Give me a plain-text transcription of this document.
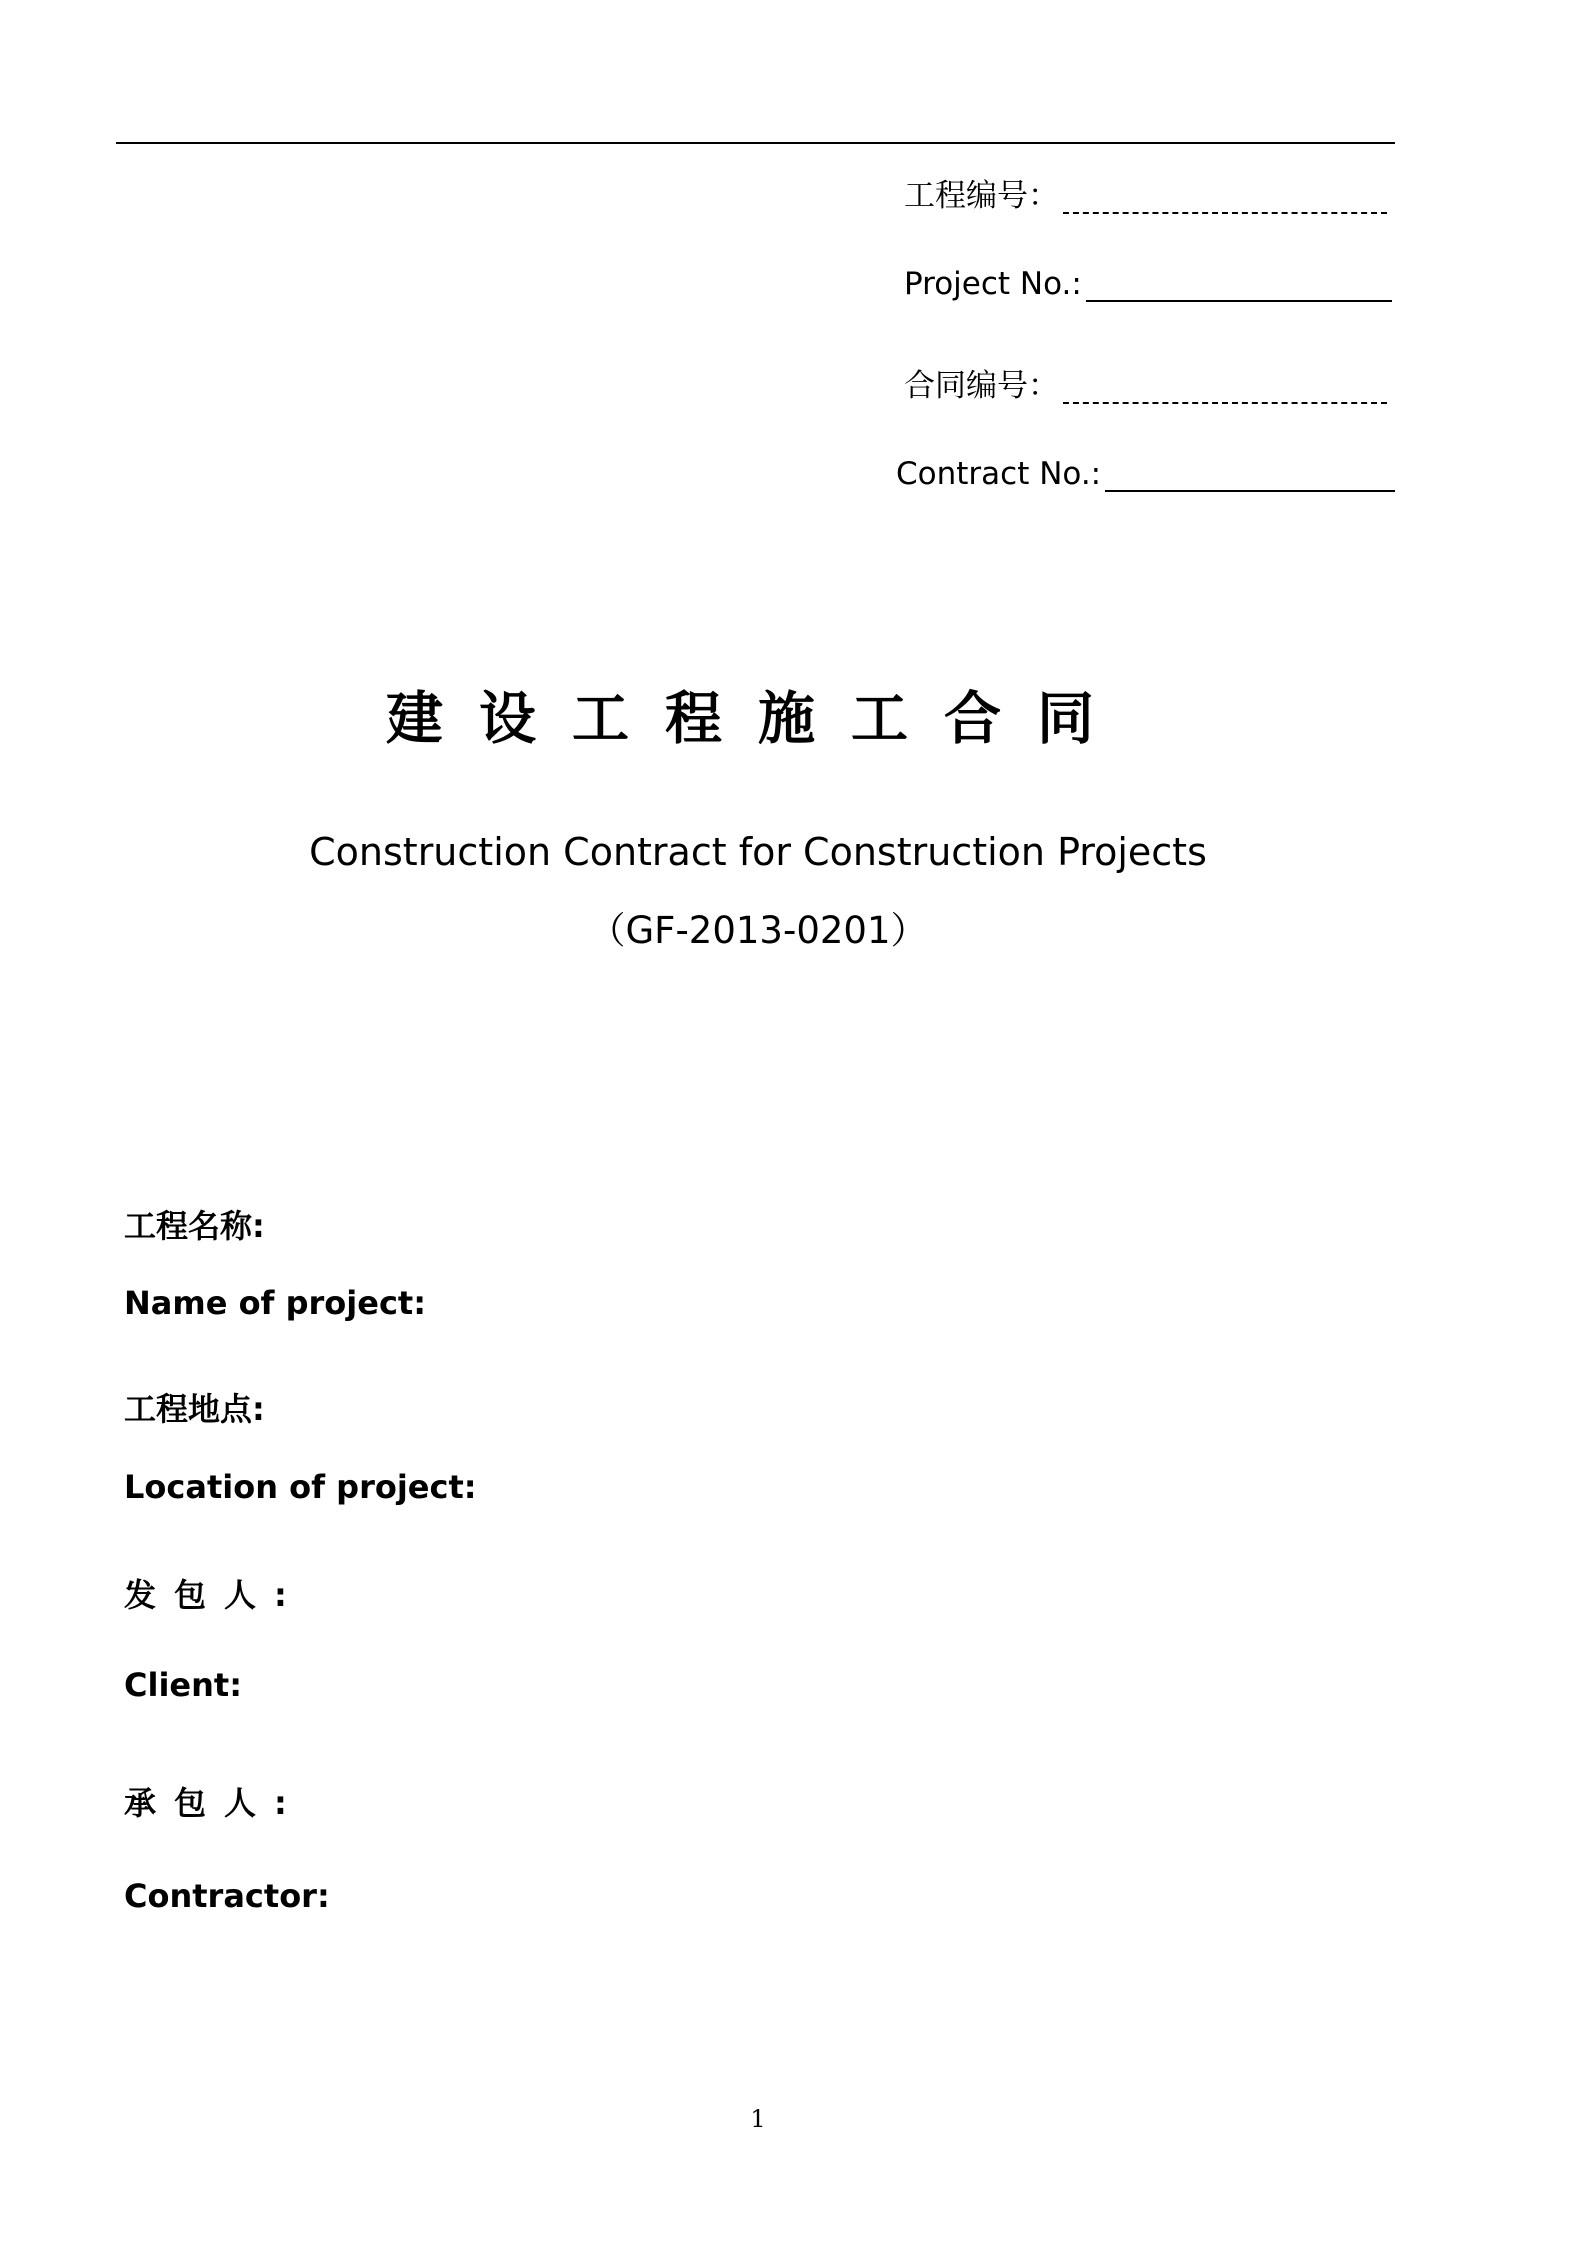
工程编号：
Project No.:
合同编号：
Contract No.:
建设工程施工合同
Construction Contract for Construction Projects
（GF-2013-0201）
工程名称:
Name of project:
工程地点:
Location of project:
发包人:
Client:
承包人:
Contractor:
1
